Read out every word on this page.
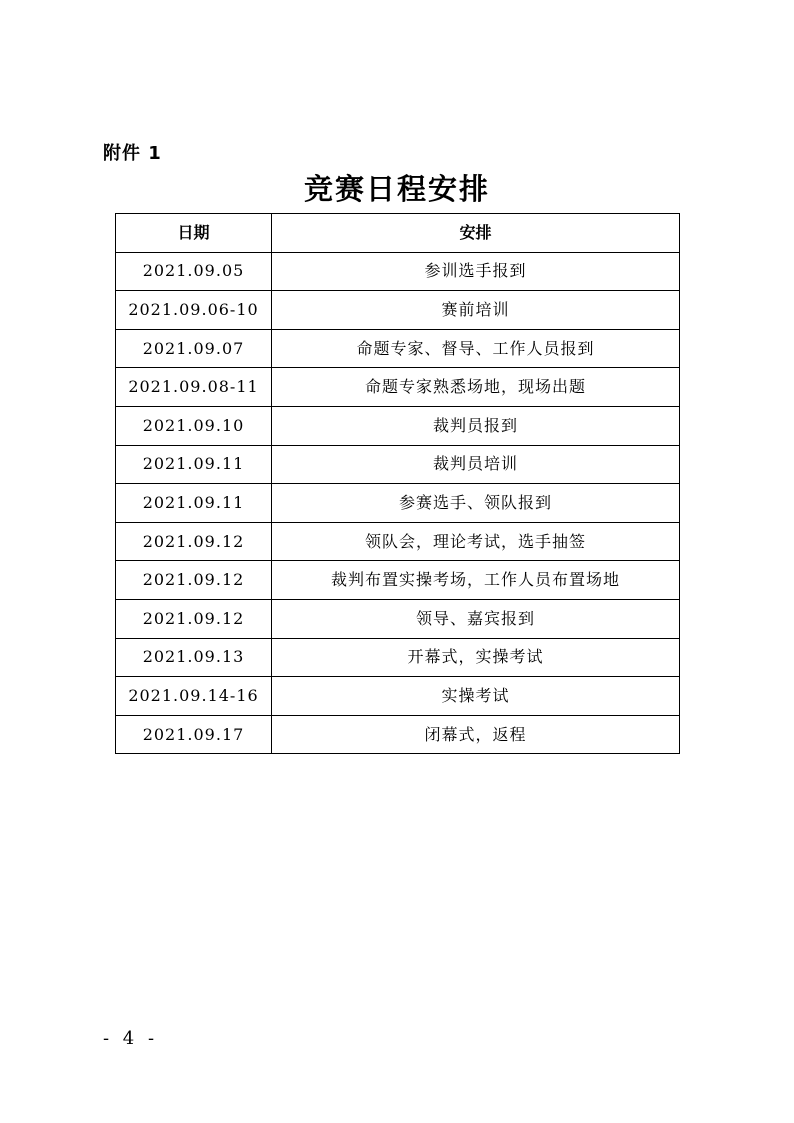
附件 1
竞赛日程安排
日期	安排
2021.09.05	参训选手报到
2021.09.06-10	赛前培训
2021.09.07	命题专家、督导、工作人员报到
2021.09.08-11	命题专家熟悉场地，现场出题
2021.09.10	裁判员报到
2021.09.11	裁判员培训
2021.09.11	参赛选手、领队报到
2021.09.12	领队会，理论考试，选手抽签
2021.09.12	裁判布置实操考场，工作人员布置场地
2021.09.12	领导、嘉宾报到
2021.09.13	开幕式，实操考试
2021.09.14-16	实操考试
2021.09.17	闭幕式，返程
- 4 -
